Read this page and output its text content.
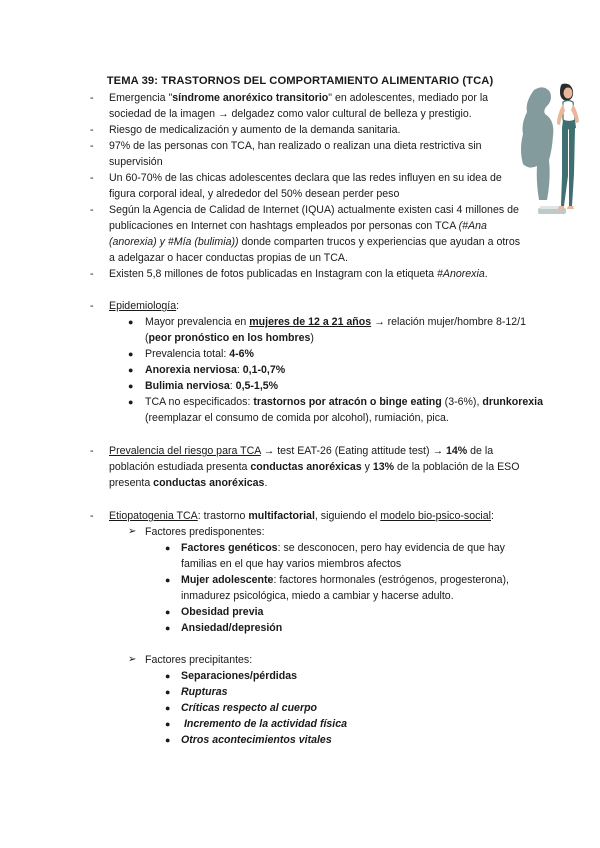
TEMA 39: TRASTORNOS DEL COMPORTAMIENTO ALIMENTARIO (TCA)
- Emergencia "síndrome anoréxico transitorio" en adolescentes, mediado por la sociedad de la imagen → delgadez como valor cultural de belleza y prestigio.
- Riesgo de medicalización y aumento de la demanda sanitaria.
- 97% de las personas con TCA, han realizado o realizan una dieta restrictiva sin supervisión
- Un 60-70% de las chicas adolescentes declara que las redes influyen en su idea de figura corporal ideal, y alrededor del 50% desean perder peso
- Según la Agencia de Calidad de Internet (IQUA) actualmente existen casi 4 millones de publicaciones en Internet con hashtags empleados por personas con TCA (#Ana (anorexia) y #Mía (bulimia)) donde comparten trucos y experiencias que ayudan a otros a adelgazar o hacer conductas propias de un TCA.
- Existen 5,8 millones de fotos publicadas en Instagram con la etiqueta #Anorexia.
- Epidemiología:
● Mayor prevalencia en mujeres de 12 a 21 años → relación mujer/hombre 8-12/1 (peor pronóstico en los hombres)
● Prevalencia total: 4-6%
● Anorexia nerviosa: 0,1-0,7%
● Bulimia nerviosa: 0,5-1,5%
● TCA no especificados: trastornos por atracón o binge eating (3-6%), drunkorexia (reemplazar el consumo de comida por alcohol), rumiación, pica.
- Prevalencia del riesgo para TCA → test EAT-26 (Eating attitude test) → 14% de la población estudiada presenta conductas anoréxicas y 13% de la población de la ESO presenta conductas anoréxicas.
- Etiopatogenia TCA: trastorno multifactorial, siguiendo el modelo bio-psico-social:
➢ Factores predisponentes:
● Factores genéticos: se desconocen, pero hay evidencia de que hay familias en el que hay varios miembros afectos
● Mujer adolescente: factores hormonales (estrógenos, progesterona), inmadurez psicológica, miedo a cambiar y hacerse adulto.
● Obesidad previa
● Ansiedad/depresión
➢ Factores precipitantes:
● Separaciones/pérdidas
● Rupturas
● Críticas respecto al cuerpo
● Incremento de la actividad física
● Otros acontecimientos vitales
